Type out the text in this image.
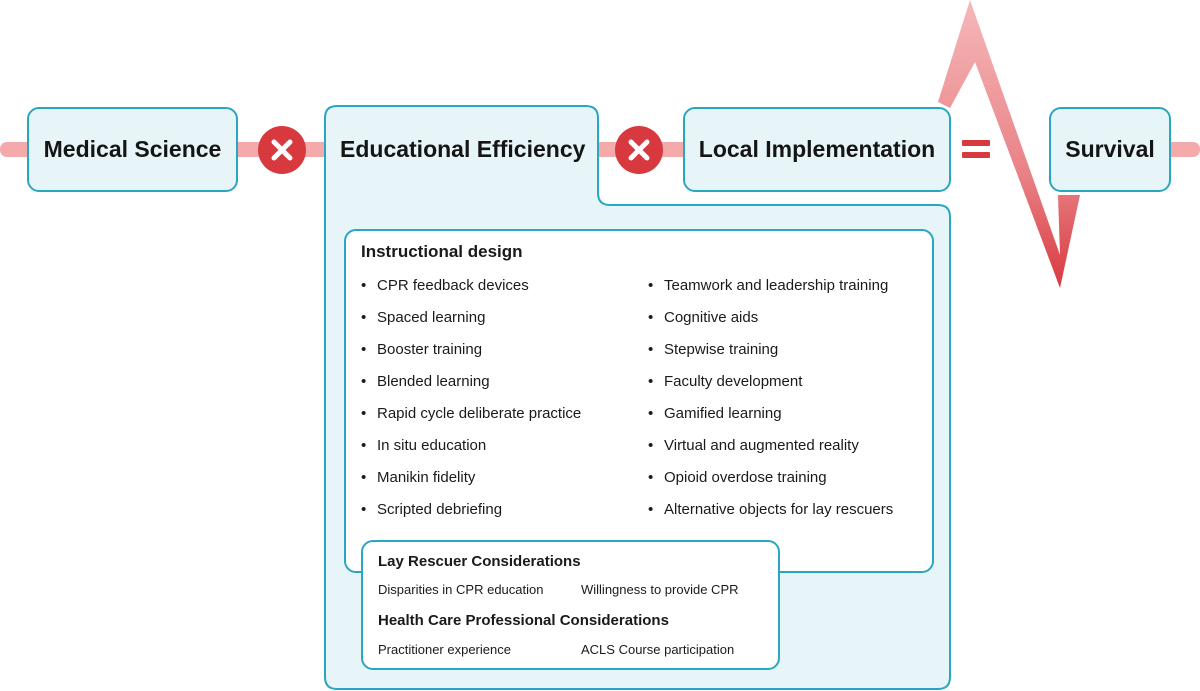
Medical Science	Educational Efficiency	Local Implementation	Survival
Instructional design
• CPR feedback devices
• Spaced learning
• Booster training
• Blended learning
• Rapid cycle deliberate practice
• In situ education
• Manikin fidelity
• Scripted debriefing
• Teamwork and leadership training
• Cognitive aids
• Stepwise training
• Faculty development
• Gamified learning
• Virtual and augmented reality
• Opioid overdose training
• Alternative objects for lay rescuers
Lay Rescuer Considerations
Disparities in CPR education	Willingness to provide CPR
Health Care Professional Considerations
Practitioner experience	ACLS Course participation
